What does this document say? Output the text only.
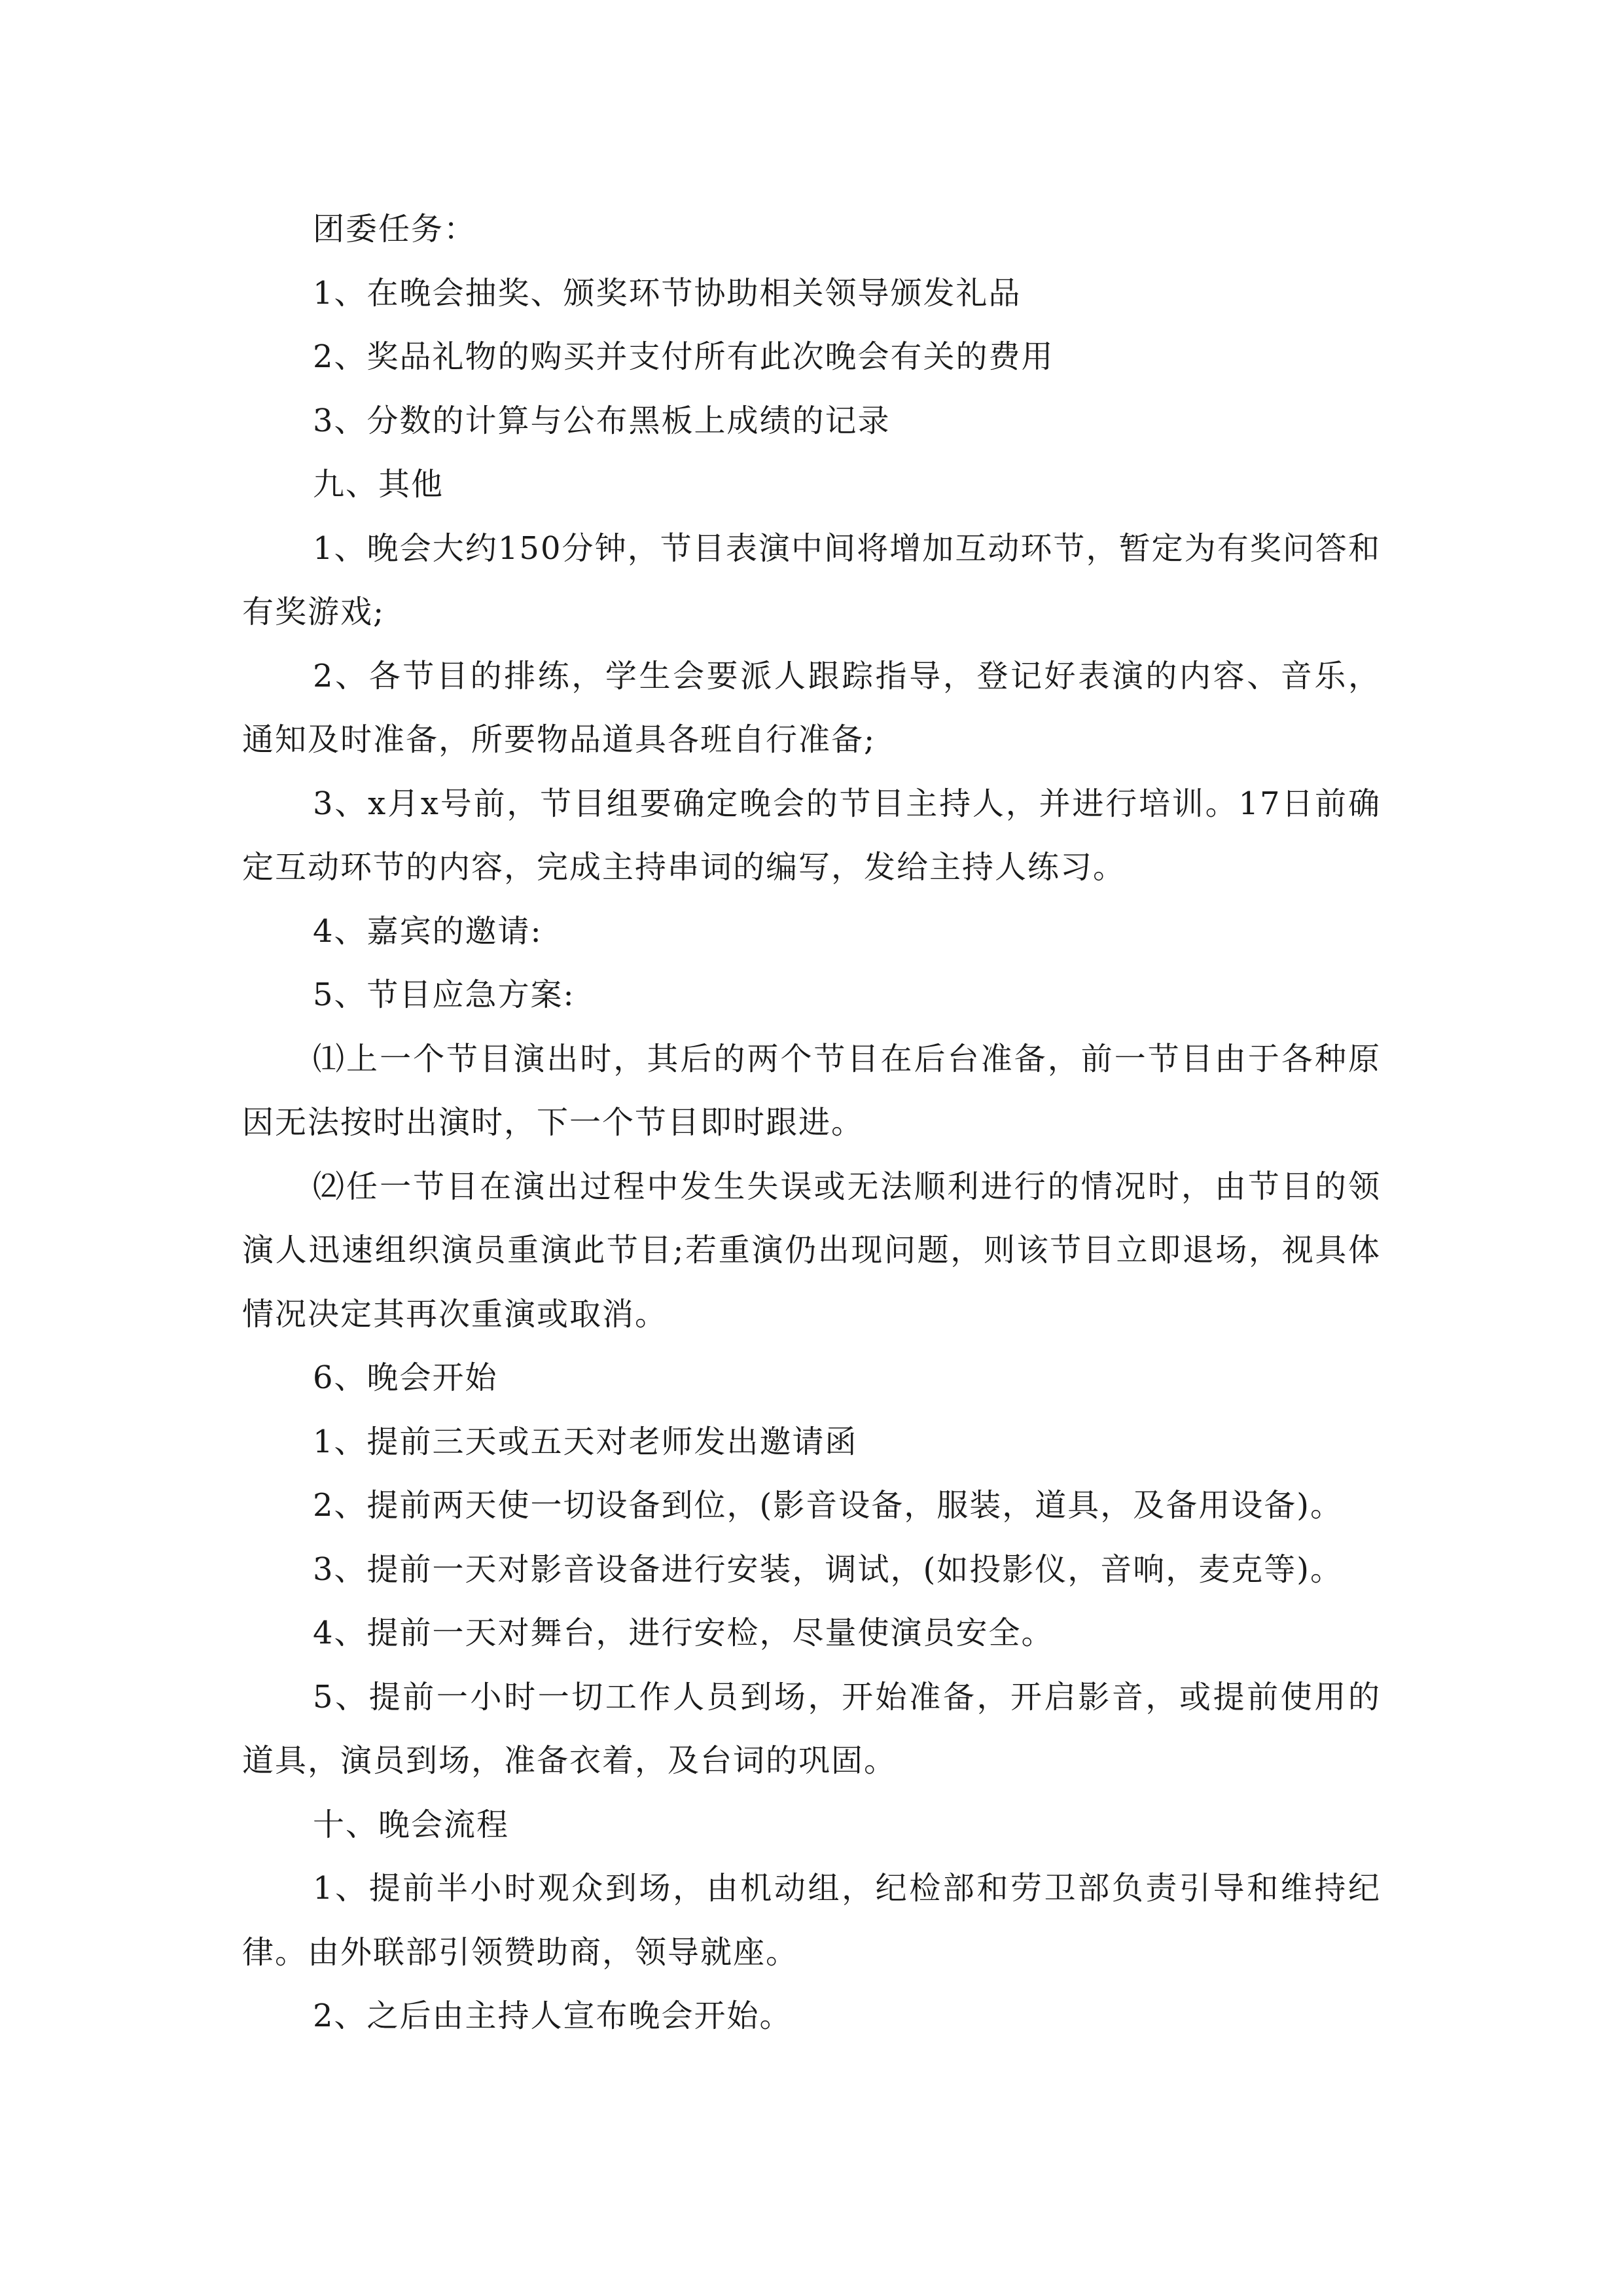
团委任务：

1、在晚会抽奖、颁奖环节协助相关领导颁发礼品

2、奖品礼物的购买并支付所有此次晚会有关的费用

3、分数的计算与公布黑板上成绩的记录

九、其他

1、晚会大约150分钟，节目表演中间将增加互动环节，暂定为有奖问答和有奖游戏;

2、各节目的排练，学生会要派人跟踪指导，登记好表演的内容、音乐，通知及时准备，所要物品道具各班自行准备;

3、x月x号前，节目组要确定晚会的节目主持人，并进行培训。17日前确定互动环节的内容，完成主持串词的编写，发给主持人练习。

4、嘉宾的邀请:

5、节目应急方案:

⑴上一个节目演出时，其后的两个节目在后台准备，前一节目由于各种原因无法按时出演时，下一个节目即时跟进。

⑵任一节目在演出过程中发生失误或无法顺利进行的情况时，由节目的领演人迅速组织演员重演此节目;若重演仍出现问题，则该节目立即退场，视具体情况决定其再次重演或取消。

6、晚会开始

1、提前三天或五天对老师发出邀请函

2、提前两天使一切设备到位，(影音设备，服装，道具，及备用设备)。

3、提前一天对影音设备进行安装，调试，(如投影仪，音响，麦克等)。

4、提前一天对舞台，进行安检，尽量使演员安全。

5、提前一小时一切工作人员到场，开始准备，开启影音，或提前使用的道具，演员到场，准备衣着，及台词的巩固。

十、晚会流程

1、提前半小时观众到场，由机动组，纪检部和劳卫部负责引导和维持纪律。由外联部引领赞助商，领导就座。

2、之后由主持人宣布晚会开始。
